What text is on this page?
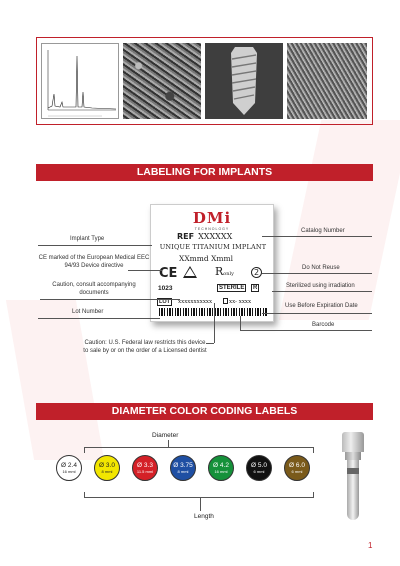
LABELING FOR IMPLANTS
DMi
TECHNOLOGY
REF XXXXXX
UNIQUE TITANIUM IMPLANT
XXmmd Xmml
CE	Ronly	2
1023	STERILE	R
LOT	xxxxxxxxxxx	xx- xxxx
Implant Type
CE marked of the European Medical EEC 94/93 Device directive
Caution, consult accompanying documents
Lot Number
Caution: U.S. Federal law restricts this device to sale by or on the order of a Licensed dentist
Catalog Number
Do Not Reuse
Sterilized using irradiation
Use Before Expiration Date
Barcode
DIAMETER COLOR CODING LABELS
Diameter
Ø 2.4
16 mml
Ø 3.0
8 mml
Ø 3.3
11.5 mml
Ø 3.75
8 mml
Ø 4.2
16 mml
Ø 5.0
6 mml
Ø 6.0
6 mml
Length
1
